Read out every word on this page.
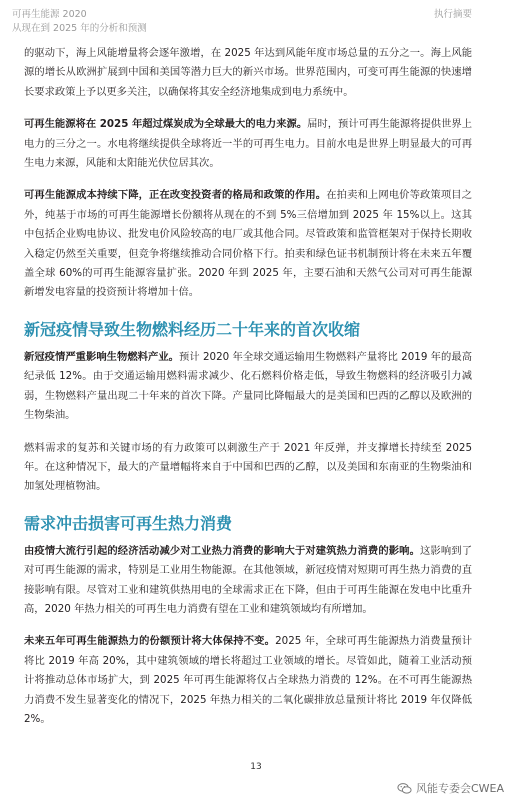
可再生能源 2020
从现在到 2025 年的分析和预测
执行摘要

的驱动下，海上风能增量将会逐年激增，在 2025 年达到风能年度市场总量的五分之一。海上风能源的增长从欧洲扩展到中国和美国等潜力巨大的新兴市场。世界范围内，可变可再生能源的快速增长要求政策上予以更多关注，以确保将其安全经济地集成到电力系统中。

可再生能源将在 2025 年超过煤炭成为全球最大的电力来源。届时，预计可再生能源将提供世界上电力的三分之一。水电将继续提供全球将近一半的可再生电力。目前水电是世界上明显最大的可再生电力来源，风能和太阳能光伏位居其次。

可再生能源成本持续下降，正在改变投资者的格局和政策的作用。在拍卖和上网电价等政策项目之外，纯基于市场的可再生能源增长份额将从现在的不到 5%三倍增加到 2025 年 15%以上。这其中包括企业购电协议、批发电价风险较高的电厂或其他合同。尽管政策和监管框架对于保持长期收入稳定仍然至关重要，但竞争将继续推动合同价格下行。拍卖和绿色证书机制预计将在未来五年覆盖全球 60%的可再生能源容量扩张。2020 年到 2025 年，主要石油和天然气公司对可再生能源新增发电容量的投资预计将增加十倍。

新冠疫情导致生物燃料经历二十年来的首次收缩

新冠疫情严重影响生物燃料产业。预计 2020 年全球交通运输用生物燃料产量将比 2019 年的最高纪录低 12%。由于交通运输用燃料需求减少、化石燃料价格走低，导致生物燃料的经济吸引力减弱，生物燃料产量出现二十年来的首次下降。产量同比降幅最大的是美国和巴西的乙醇以及欧洲的生物柴油。

燃料需求的复苏和关键市场的有力政策可以刺激生产于 2021 年反弹，并支撑增长持续至 2025 年。在这种情况下，最大的产量增幅将来自于中国和巴西的乙醇，以及美国和东南亚的生物柴油和加氢处理植物油。

需求冲击损害可再生热力消费

由疫情大流行引起的经济活动减少对工业热力消费的影响大于对建筑热力消费的影响。这影响到了对可再生能源的需求，特别是工业用生物能源。在其他领域，新冠疫情对短期可再生热力消费的直接影响有限。尽管对工业和建筑供热用电的全球需求正在下降，但由于可再生能源在发电中比重升高，2020 年热力相关的可再生电力消费有望在工业和建筑领域均有所增加。

未来五年可再生能源热力的份额预计将大体保持不变。2025 年，全球可再生能源热力消费量预计将比 2019 年高 20%，其中建筑领域的增长将超过工业领域的增长。尽管如此，随着工业活动预计将推动总体市场扩大，到 2025 年可再生能源将仅占全球热力消费的 12%。在不可再生能源热力消费不发生显著变化的情况下，2025 年热力相关的二氧化碳排放总量预计将比 2019 年仅降低 2%。

13
风能专委会CWEA
